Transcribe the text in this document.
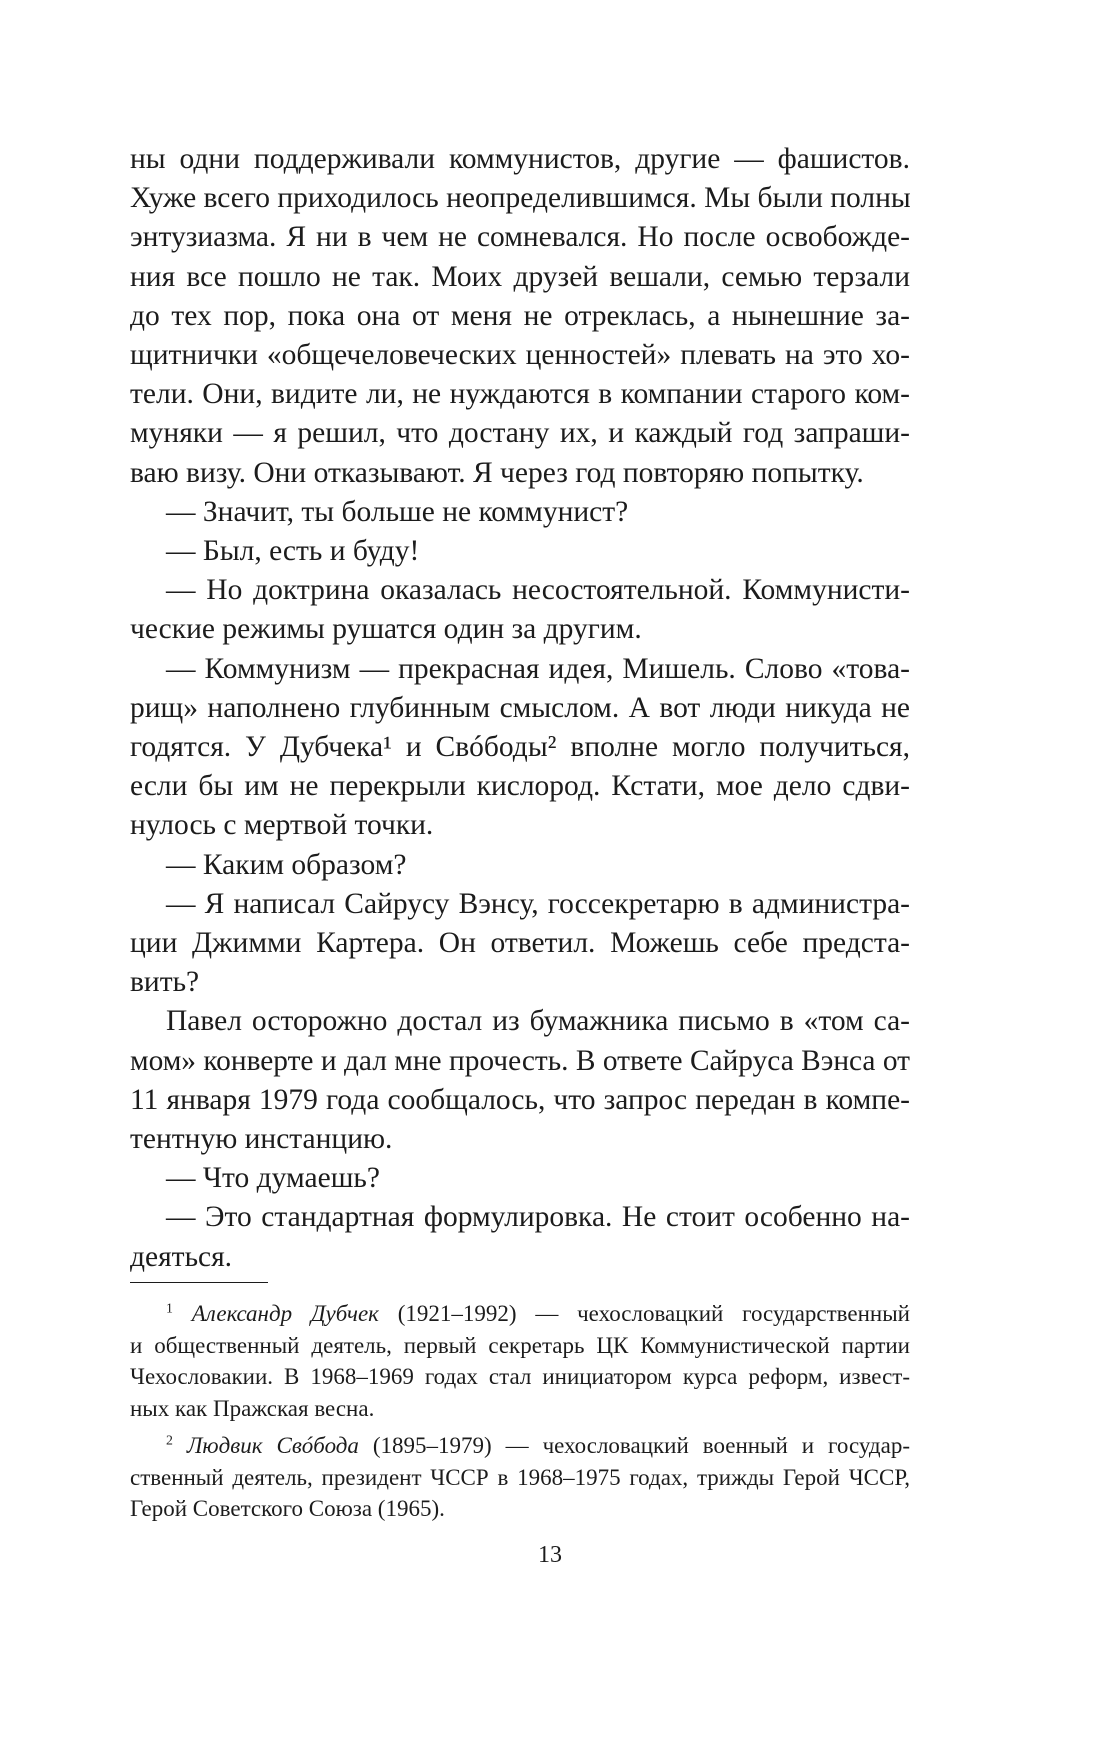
ны одни поддерживали коммунистов, другие — фашистов.
Хуже всего приходилось неопределившимся. Мы были полны
энтузиазма. Я ни в чем не сомневался. Но после освобожде-
ния все пошло не так. Моих друзей вешали, семью терзали
до тех пор, пока она от меня не отреклась, а нынешние за-
щитнички «общечеловеческих ценностей» плевать на это хо-
тели. Они, видите ли, не нуждаются в компании старого ком-
муняки — я решил, что достану их, и каждый год запраши-
ваю визу. Они отказывают. Я через год повторяю попытку.
— Значит, ты больше не коммунист?
— Был, есть и буду!
— Но доктрина оказалась несостоятельной. Коммунисти-
ческие режимы рушатся один за другим.
— Коммунизм — прекрасная идея, Мишель. Слово «това-
рищ» наполнено глубинным смыслом. А вот люди никуда не
годятся. У Дубчека¹ и Свóбоды² вполне могло получиться,
если бы им не перекрыли кислород. Кстати, мое дело сдви-
нулось с мертвой точки.
— Каким образом?
— Я написал Сайрусу Вэнсу, госсекретарю в администра-
ции Джимми Картера. Он ответил. Можешь себе предста-
вить?
Павел осторожно достал из бумажника письмо в «том са-
мом» конверте и дал мне прочесть. В ответе Сайруса Вэнса от
11 января 1979 года сообщалось, что запрос передан в компе-
тентную инстанцию.
— Что думаешь?
— Это стандартная формулировка. Не стоит особенно на-
деяться.
$^1$ Александр Дубчек (1921–1992) — чехословацкий государственный
и общественный деятель, первый секретарь ЦК Коммунистической партии
Чехословакии. В 1968–1969 годах стал инициатором курса реформ, извест-
ных как Пражская весна.
$^2$ Людвик Свóбода (1895–1979) — чехословацкий военный и государ-
ственный деятель, президент ЧССР в 1968–1975 годах, трижды Герой ЧССР,
Герой Советского Союза (1965).
13
